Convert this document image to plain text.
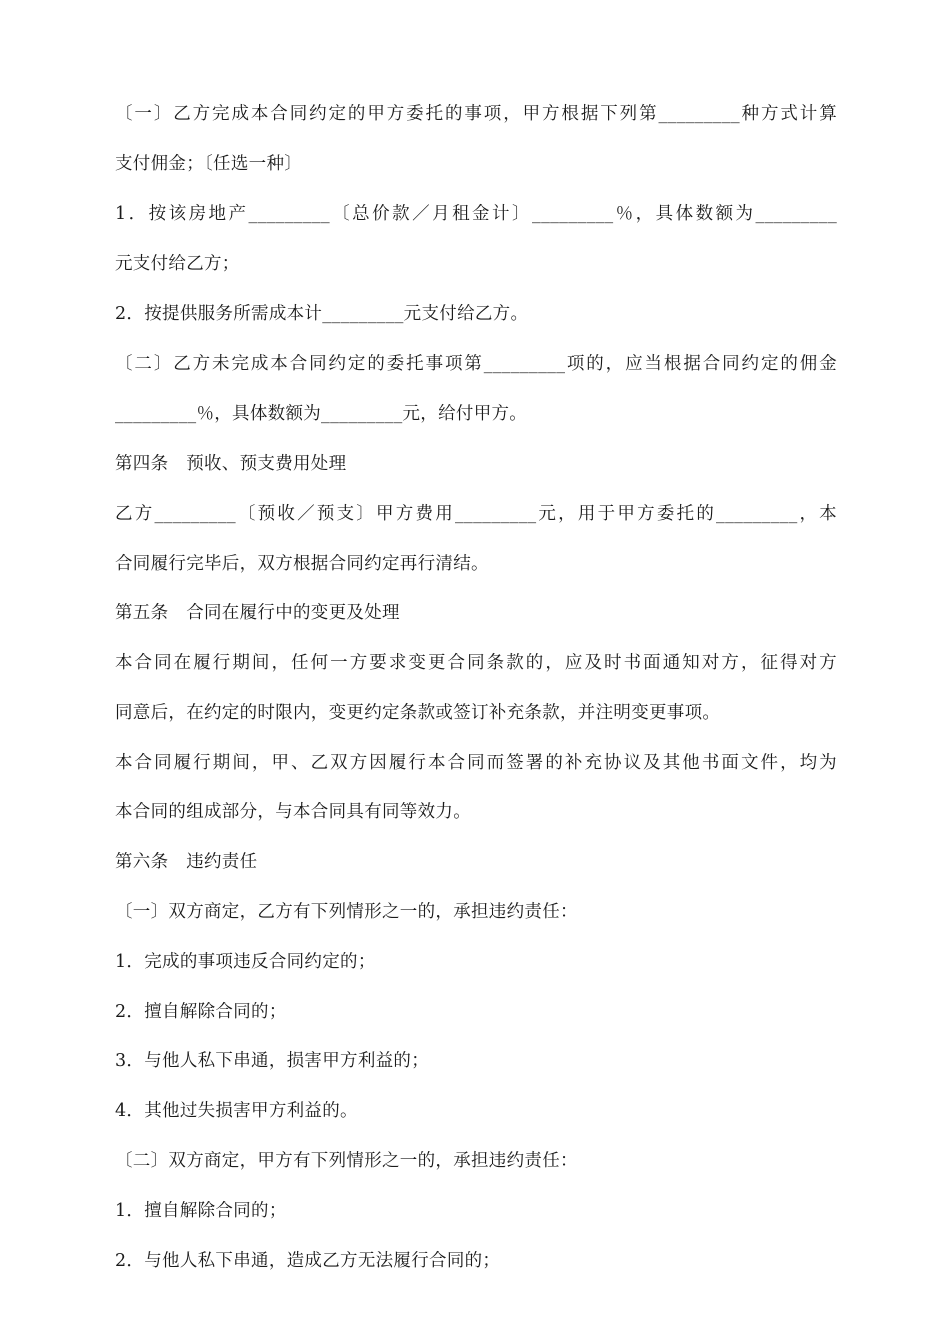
〔一〕乙方完成本合同约定的甲方委托的事项，甲方根据下列第_________种方式计算

支付佣金；〔任选一种〕

1．按该房地产_________〔总价款／月租金计〕_________％，具体数额为_________

元支付给乙方；

2．按提供服务所需成本计_________元支付给乙方。

〔二〕乙方未完成本合同约定的委托事项第_________项的，应当根据合同约定的佣金

_________％，具体数额为_________元，给付甲方。

第四条　预收、预支费用处理

乙方_________〔预收／预支〕甲方费用_________元，用于甲方委托的_________，本

合同履行完毕后，双方根据合同约定再行清结。

第五条　合同在履行中的变更及处理

本合同在履行期间，任何一方要求变更合同条款的，应及时书面通知对方，征得对方

同意后，在约定的时限内，变更约定条款或签订补充条款，并注明变更事项。

本合同履行期间，甲、乙双方因履行本合同而签署的补充协议及其他书面文件，均为

本合同的组成部分，与本合同具有同等效力。

第六条　违约责任

〔一〕双方商定，乙方有下列情形之一的，承担违约责任：

1．完成的事项违反合同约定的；

2．擅自解除合同的；

3．与他人私下串通，损害甲方利益的；

4．其他过失损害甲方利益的。

〔二〕双方商定，甲方有下列情形之一的，承担违约责任：

1．擅自解除合同的；

2．与他人私下串通，造成乙方无法履行合同的；
